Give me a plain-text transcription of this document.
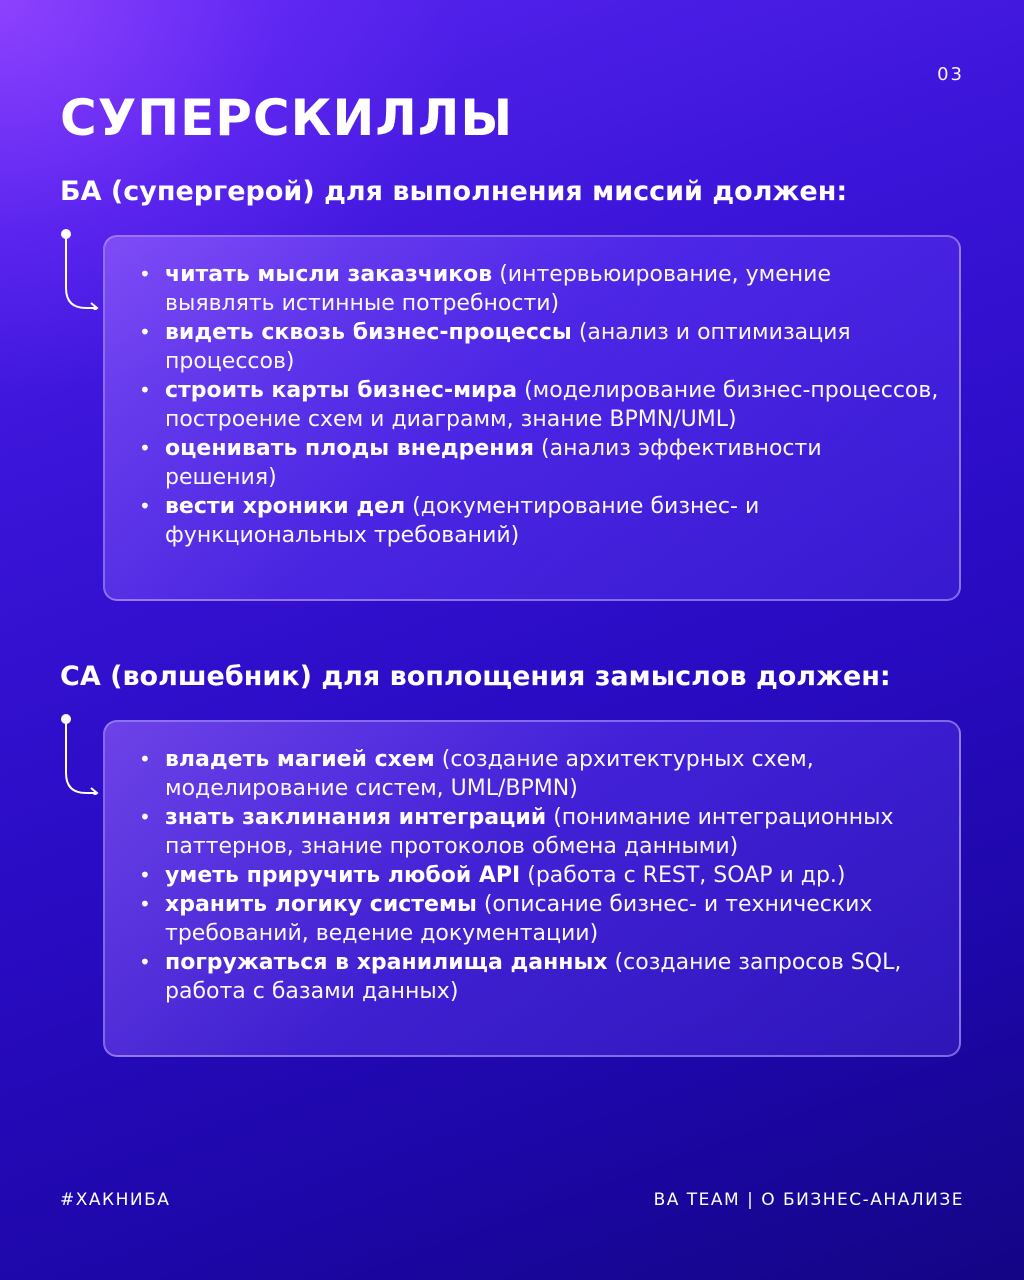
03
СУПЕРСКИЛЛЫ
БА (супергерой) для выполнения миссий должен:
• читать мысли заказчиков (интервьюирование, умение выявлять истинные потребности)
• видеть сквозь бизнес-процессы (анализ и оптимизация процессов)
• строить карты бизнес-мира (моделирование бизнес-процессов, построение схем и диаграмм, знание BPMN/UML)
• оценивать плоды внедрения (анализ эффективности решения)
• вести хроники дел (документирование бизнес- и функциональных требований)
СА (волшебник) для воплощения замыслов должен:
• владеть магией схем (создание архитектурных схем, моделирование систем, UML/BPMN)
• знать заклинания интеграций (понимание интеграционных паттернов, знание протоколов обмена данными)
• уметь приручить любой API (работа с REST, SOAP и др.)
• хранить логику системы (описание бизнес- и технических требований, ведение документации)
• погружаться в хранилища данных (создание запросов SQL, работа с базами данных)
#ХАКНИБА	BA TEAM | О БИЗНЕС-АНАЛИЗЕ
